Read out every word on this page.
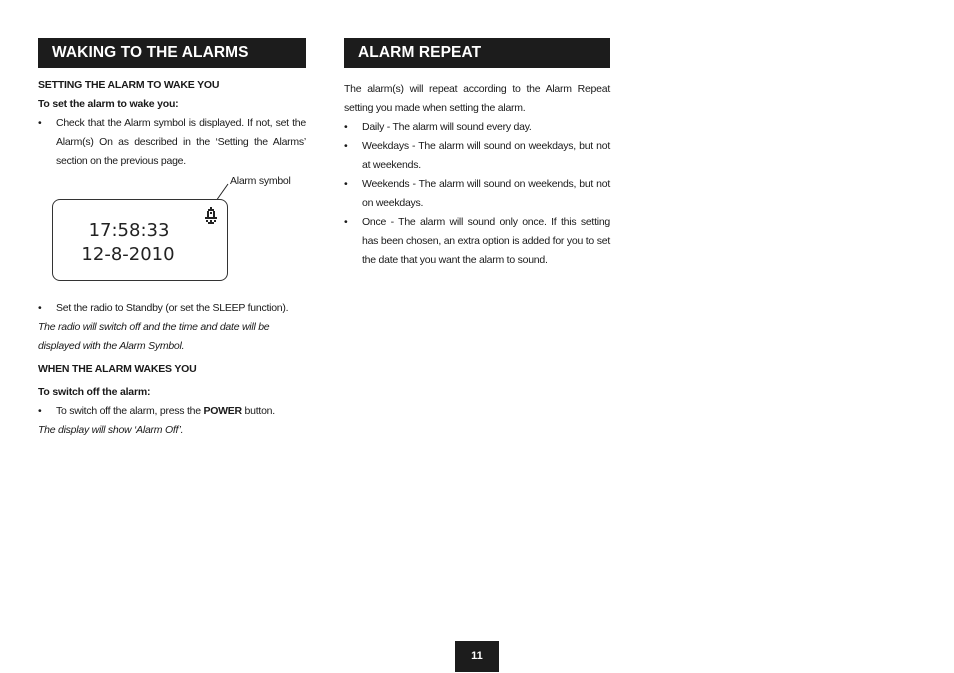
WAKING TO THE ALARMS
SETTING THE ALARM TO WAKE YOU
To set the alarm to wake you:
• Check that the Alarm symbol is displayed. If not, set the Alarm(s) On as described in the ‘Setting the Alarms’ section on the previous page.
Alarm symbol
17:58:33
12-8-2010
• Set the radio to Standby (or set the SLEEP function).

The radio will switch off and the time and date will be displayed with the Alarm Symbol.

WHEN THE ALARM WAKES YOU
To switch off the alarm:
• To switch off the alarm, press the POWER button.

The display will show ‘Alarm Off’.

ALARM REPEAT

The alarm(s) will repeat according to the Alarm Repeat setting you made when setting the alarm.

• Daily - The alarm will sound every day.
• Weekdays - The alarm will sound on weekdays, but not at weekends.
• Weekends - The alarm will sound on weekends, but not on weekdays.
• Once - The alarm will sound only once. If this setting has been chosen, an extra option is added for you to set the date that you want the alarm to sound.
11
